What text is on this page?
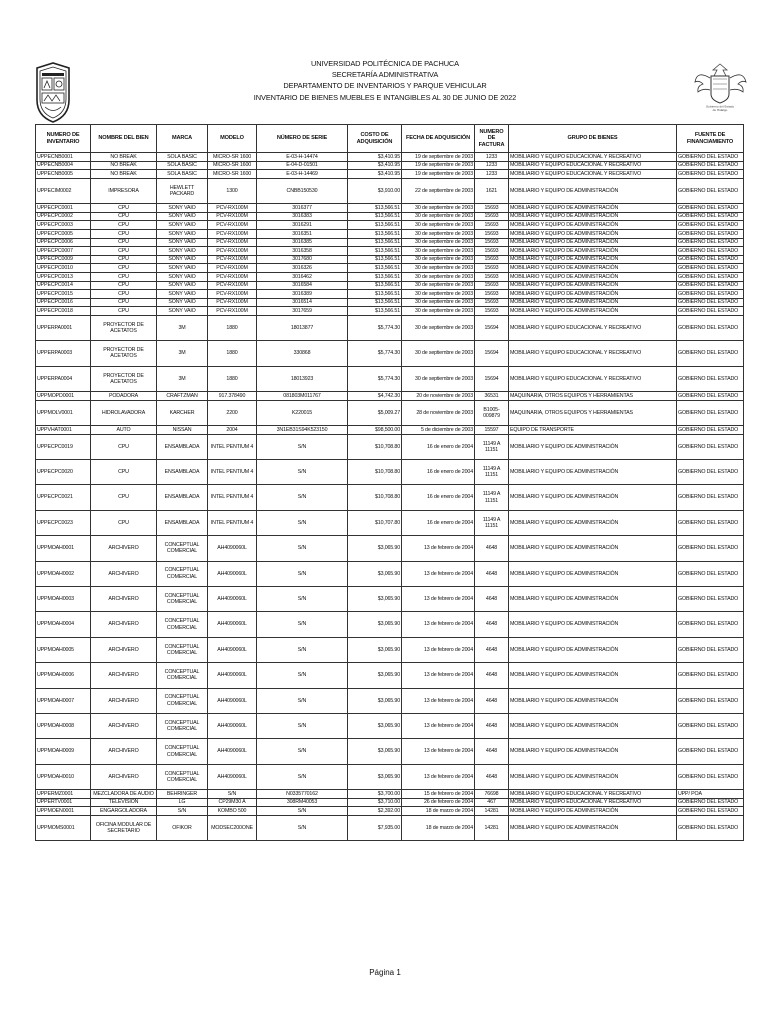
UNIVERSIDAD POLITÉCNICA DE PACHUCA
SECRETARÍA ADMINISTRATIVA
DEPARTAMENTO DE INVENTARIOS Y PARQUE VEHICULAR
INVENTARIO DE BIENES MUEBLES E INTANGIBLES AL 30 DE JUNIO DE 2022
Gobierno del Estado
de Hidalgo
NUMERO DE INVENTARIO	NOMBRE DEL BIEN	MARCA	MODELO	NÚMERO DE SERIE	COSTO DE ADQUISICIÓN	FECHA DE ADQUISICIÓN	NUMERO DE FACTURA	GRUPO DE BIENES	FUENTE DE FINANCIAMIENTO
UPPECNB0001	NO BREAK	SOLA BASIC	MICRO-SR 1600	E-03-H-14474	$3,410.95	19 de septiembre de 2003	1233	MOBILIARIO Y EQUIPO EDUCACIONAL Y RECREATIVO	GOBIERNO DEL ESTADO
UPPECNB0004	NO BREAK	SOLA BASIC	MICRO-SR 1600	E-04-D-01501	$3,410.95	19 de septiembre de 2003	1233	MOBILIARIO Y EQUIPO EDUCACIONAL Y RECREATIVO	GOBIERNO DEL ESTADO
UPPECNB0005	NO BREAK	SOLA BASIC	MICRO-SR 1600	E-03-H-14469	$3,410.95	19 de septiembre de 2003	1233	MOBILIARIO Y EQUIPO EDUCACIONAL Y RECREATIVO	GOBIERNO DEL ESTADO
UPPECIM0002	IMPRESORA	HEWLETT PACKARD	1300	CNBB150530	$3,910.00	22 de septiembre de 2003	1621	MOBILIARIO Y EQUIPO DE ADMINISTRACIÓN	GOBIERNO DEL ESTADO
UPPECPC0001	CPU	SONY VAIO	PCV-RX100M	3016377	$13,566.51	30 de septiembre de 2003	15693	MOBILIARIO Y EQUIPO DE ADMINISTRACIÓN	GOBIERNO DEL ESTADO
UPPECPC0002	CPU	SONY VAIO	PCV-RX100M	3016383	$13,566.51	30 de septiembre de 2003	15693	MOBILIARIO Y EQUIPO DE ADMINISTRACIÓN	GOBIERNO DEL ESTADO
UPPECPC0003	CPU	SONY VAIO	PCV-RX100M	3016291	$13,566.51	30 de septiembre de 2003	15693	MOBILIARIO Y EQUIPO DE ADMINISTRACIÓN	GOBIERNO DEL ESTADO
UPPECPC0005	CPU	SONY VAIO	PCV-RX100M	3016351	$13,566.51	30 de septiembre de 2003	15693	MOBILIARIO Y EQUIPO DE ADMINISTRACIÓN	GOBIERNO DEL ESTADO
UPPECPC0006	CPU	SONY VAIO	PCV-RX100M	3016385	$13,566.51	30 de septiembre de 2003	15693	MOBILIARIO Y EQUIPO DE ADMINISTRACIÓN	GOBIERNO DEL ESTADO
UPPECPC0007	CPU	SONY VAIO	PCV-RX100M	3016358	$13,566.51	30 de septiembre de 2003	15693	MOBILIARIO Y EQUIPO DE ADMINISTRACIÓN	GOBIERNO DEL ESTADO
UPPECPC0009	CPU	SONY VAIO	PCV-RX100M	3017680	$13,566.51	30 de septiembre de 2003	15693	MOBILIARIO Y EQUIPO DE ADMINISTRACIÓN	GOBIERNO DEL ESTADO
UPPECPC0010	CPU	SONY VAIO	PCV-RX100M	3016326	$13,566.51	30 de septiembre de 2003	15693	MOBILIARIO Y EQUIPO DE ADMINISTRACIÓN	GOBIERNO DEL ESTADO
UPPECPC0013	CPU	SONY VAIO	PCV-RX100M	3016462	$13,566.51	30 de septiembre de 2003	15693	MOBILIARIO Y EQUIPO DE ADMINISTRACIÓN	GOBIERNO DEL ESTADO
UPPECPC0014	CPU	SONY VAIO	PCV-RX100M	3016584	$13,566.51	30 de septiembre de 2003	15693	MOBILIARIO Y EQUIPO DE ADMINISTRACIÓN	GOBIERNO DEL ESTADO
UPPECPC0015	CPU	SONY VAIO	PCV-RX100M	3016389	$13,566.51	30 de septiembre de 2003	15693	MOBILIARIO Y EQUIPO DE ADMINISTRACIÓN	GOBIERNO DEL ESTADO
UPPECPC0016	CPU	SONY VAIO	PCV-RX100M	3016514	$13,566.51	30 de septiembre de 2003	15693	MOBILIARIO Y EQUIPO DE ADMINISTRACIÓN	GOBIERNO DEL ESTADO
UPPECPC0018	CPU	SONY VAIO	PCV-RX100M	3017659	$13,566.51	30 de septiembre de 2003	15693	MOBILIARIO Y EQUIPO DE ADMINISTRACIÓN	GOBIERNO DEL ESTADO
UPPERPA0001	PROYECTOR DE ACETATOS	3M	1880	18013877	$5,774.30	30 de septiembre de 2003	15694	MOBILIARIO Y EQUIPO EDUCACIONAL Y RECREATIVO	GOBIERNO DEL ESTADO
UPPERPA0003	PROYECTOR DE ACETATOS	3M	1880	330868	$5,774.30	30 de septiembre de 2003	15694	MOBILIARIO Y EQUIPO EDUCACIONAL Y RECREATIVO	GOBIERNO DEL ESTADO
UPPERPA0004	PROYECTOR DE ACETATOS	3M	1880	18013923	$5,774.30	30 de septiembre de 2003	15694	MOBILIARIO Y EQUIPO EDUCACIONAL Y RECREATIVO	GOBIERNO DEL ESTADO
UPPMOPD0001	PODADORA	CRAFTZMAN	917.378490	081803M011767	$4,742.30	20 de noviembre de 2003	36531	MAQUINARIA, OTROS EQUIPOS Y HERRAMIENTAS	GOBIERNO DEL ESTADO
UPPMOLV0001	HIDROLAVADORA	KARCHER	2200	K220015	$5,009.27	28 de noviembre de 2003	B1005-009879	MAQUINARIA, OTROS EQUIPOS Y HERRAMIENTAS	GOBIERNO DEL ESTADO
UPPVHAT0001	AUTO	NISSAN	2004	3N1EB31S94K523150	$98,500.00	5 de diciembre de 2003	15597	EQUIPO DE TRANSPORTE	GOBIERNO DEL ESTADO
UPPECPC0019	CPU	ENSAMBLADA	INTEL PENTIUM 4	S/N	$10,708.80	16 de enero de 2004	11149 A 11151	MOBILIARIO Y EQUIPO DE ADMINISTRACIÓN	GOBIERNO DEL ESTADO
UPPECPC0020	CPU	ENSAMBLADA	INTEL PENTIUM 4	S/N	$10,708.80	16 de enero de 2004	11149 A 11151	MOBILIARIO Y EQUIPO DE ADMINISTRACIÓN	GOBIERNO DEL ESTADO
UPPECPC0021	CPU	ENSAMBLADA	INTEL PENTIUM 4	S/N	$10,708.80	16 de enero de 2004	11149 A 11151	MOBILIARIO Y EQUIPO DE ADMINISTRACIÓN	GOBIERNO DEL ESTADO
UPPECPC0023	CPU	ENSAMBLADA	INTEL PENTIUM 4	S/N	$10,707.80	16 de enero de 2004	11149 A 11151	MOBILIARIO Y EQUIPO DE ADMINISTRACIÓN	GOBIERNO DEL ESTADO
UPPMOAH0001	ARCHIVERO	CONCEPTUAL COMERCIAL	AH4090060L	S/N	$3,065.90	13 de febrero de 2004	4648	MOBILIARIO Y EQUIPO DE ADMINISTRACIÓN	GOBIERNO DEL ESTADO
UPPMOAH0002	ARCHIVERO	CONCEPTUAL COMERCIAL	AH4090060L	S/N	$3,065.90	13 de febrero de 2004	4648	MOBILIARIO Y EQUIPO DE ADMINISTRACIÓN	GOBIERNO DEL ESTADO
UPPMOAH0003	ARCHIVERO	CONCEPTUAL COMERCIAL	AH4090060L	S/N	$3,065.90	13 de febrero de 2004	4648	MOBILIARIO Y EQUIPO DE ADMINISTRACIÓN	GOBIERNO DEL ESTADO
UPPMOAH0004	ARCHIVERO	CONCEPTUAL COMERCIAL	AH4090060L	S/N	$3,065.90	13 de febrero de 2004	4648	MOBILIARIO Y EQUIPO DE ADMINISTRACIÓN	GOBIERNO DEL ESTADO
UPPMOAH0005	ARCHIVERO	CONCEPTUAL COMERCIAL	AH4090060L	S/N	$3,065.90	13 de febrero de 2004	4648	MOBILIARIO Y EQUIPO DE ADMINISTRACIÓN	GOBIERNO DEL ESTADO
UPPMOAH0006	ARCHIVERO	CONCEPTUAL COMERCIAL	AH4090060L	S/N	$3,065.90	13 de febrero de 2004	4648	MOBILIARIO Y EQUIPO DE ADMINISTRACIÓN	GOBIERNO DEL ESTADO
UPPMOAH0007	ARCHIVERO	CONCEPTUAL COMERCIAL	AH4090060L	S/N	$3,065.90	13 de febrero de 2004	4648	MOBILIARIO Y EQUIPO DE ADMINISTRACIÓN	GOBIERNO DEL ESTADO
UPPMOAH0008	ARCHIVERO	CONCEPTUAL COMERCIAL	AH4090060L	S/N	$3,065.90	13 de febrero de 2004	4648	MOBILIARIO Y EQUIPO DE ADMINISTRACIÓN	GOBIERNO DEL ESTADO
UPPMOAH0009	ARCHIVERO	CONCEPTUAL COMERCIAL	AH4090060L	S/N	$3,065.90	13 de febrero de 2004	4648	MOBILIARIO Y EQUIPO DE ADMINISTRACIÓN	GOBIERNO DEL ESTADO
UPPMOAH0010	ARCHIVERO	CONCEPTUAL COMERCIAL	AH4090060L	S/N	$3,065.90	13 de febrero de 2004	4648	MOBILIARIO Y EQUIPO DE ADMINISTRACIÓN	GOBIERNO DEL ESTADO
UPPERMZ0001	MEZCLADORA DE AUDIO	BEHRINGER	S/N	N0335770162	$3,700.00	15 de febrero de 2004	76698	MOBILIARIO Y EQUIPO EDUCACIONAL Y RECREATIVO	UPP/ POA
UPPERTV0001	TELEVISIÓN	LG	CP29M30 A	308RM40053	$3,710.00	26 de febrero de 2004	467	MOBILIARIO Y EQUIPO EDUCACIONAL Y RECREATIVO	GOBIERNO DEL ESTADO
UPPMOEN0001	ENGARGOLADORA	S/N	KOMBO 500	S/N	$2,392.00	18 de marzo de 2004	14281	MOBILIARIO Y EQUIPO DE ADMINISTRACIÓN	GOBIERNO DEL ESTADO
UPPMOMS0001	OFICINA MODULAR DE SECRETARIO	OFIKOR	MODSEC200ONE	S/N	$7,935.00	18 de marzo de 2004	14281	MOBILIARIO Y EQUIPO DE ADMINISTRACIÓN	GOBIERNO DEL ESTADO
Página 1
